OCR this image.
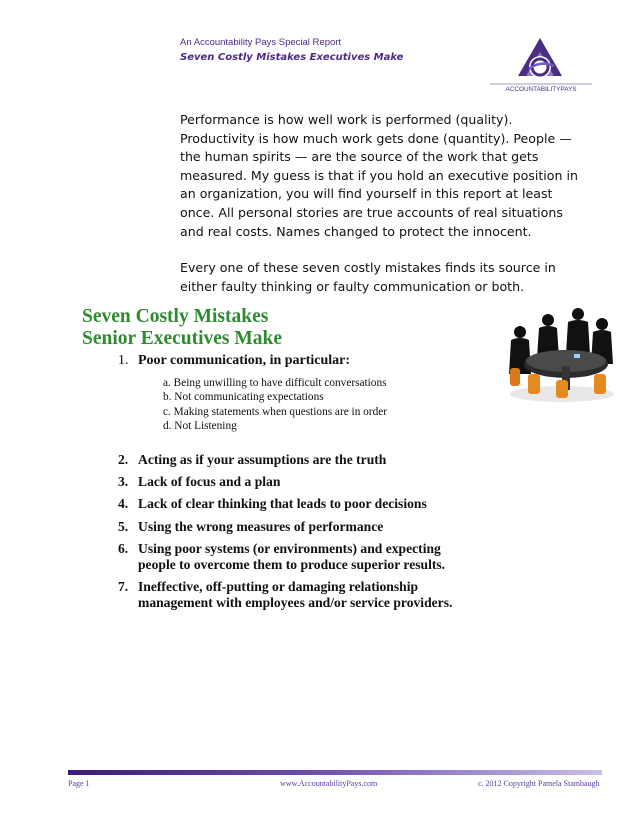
An Accountability Pays Special Report
Seven Costly Mistakes Executives Make
ACCOUNTABILITYPAYS

Performance is how well work is performed (quality). Productivity is how much work gets done (quantity). People — the human spirits — are the source of the work that gets measured. My guess is that if you hold an executive position in an organization, you will find yourself in this report at least once. All personal stories are true accounts of real situations and real costs. Names changed to protect the innocent.

Every one of these seven costly mistakes finds its source in either faulty thinking or faulty communication or both.

Seven Costly Mistakes
Senior Executives Make
1. Poor communication, in particular:
a. Being unwilling to have difficult conversations
b. Not communicating expectations
c. Making statements when questions are in order
d. Not Listening
2. Acting as if your assumptions are the truth
3. Lack of focus and a plan
4. Lack of clear thinking that leads to poor decisions
5. Using the wrong measures of performance
6. Using poor systems (or environments) and expecting people to overcome them to produce superior results.
7. Ineffective, off-putting or damaging relationship management with employees and/or service providers.
Page 1	www.AccountabilityPays.com	c. 2012 Copyright Pamela Stambaugh
